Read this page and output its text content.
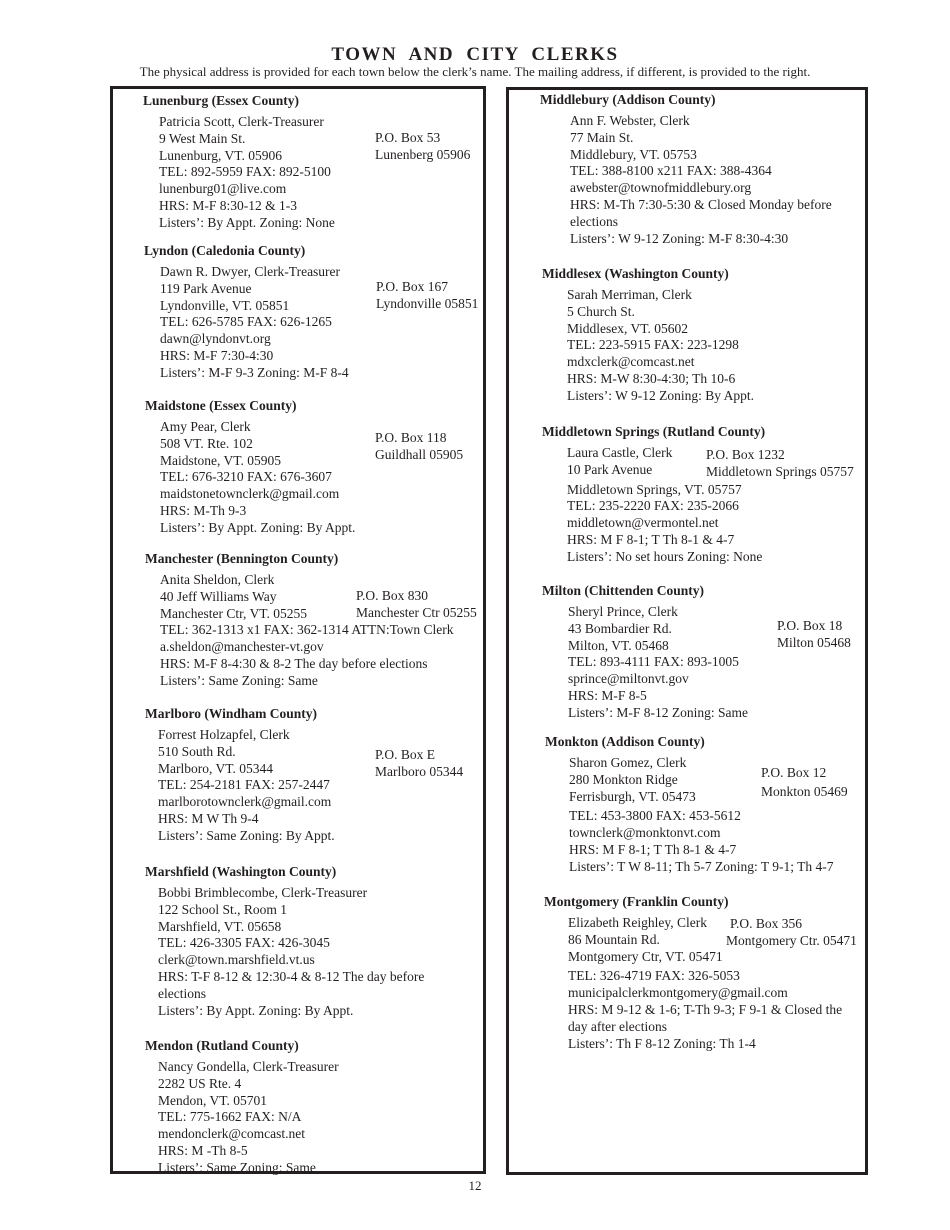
TOWN AND CITY CLERKS
The physical address is provided for each town below the clerk’s name. The mailing address, if different, is provided to the right.
Lunenburg (Essex County)
Patricia Scott, Clerk-Treasurer
9 West Main St.
Lunenburg, VT. 05906
TEL: 892-5959 FAX: 892-5100
lunenburg01@live.com
HRS: M-F 8:30-12 & 1-3
Listers’: By Appt. Zoning: None
P.O. Box 53
Lunenberg 05906
Lyndon (Caledonia County)
Dawn R. Dwyer, Clerk-Treasurer
119 Park Avenue
Lyndonville, VT. 05851
TEL: 626-5785 FAX: 626-1265
dawn@lyndonvt.org
HRS: M-F 7:30-4:30
Listers’: M-F 9-3 Zoning: M-F 8-4
P.O. Box 167
Lyndonville 05851
Maidstone (Essex County)
Amy Pear, Clerk
508 VT. Rte. 102
Maidstone, VT. 05905
TEL: 676-3210 FAX: 676-3607
maidstonetownclerk@gmail.com
HRS: M-Th 9-3
Listers’: By Appt. Zoning: By Appt.
P.O. Box 118
Guildhall 05905
Manchester (Bennington County)
Anita Sheldon, Clerk
40 Jeff Williams Way
Manchester Ctr, VT. 05255
TEL: 362-1313 x1 FAX: 362-1314 ATTN:Town Clerk
a.sheldon@manchester-vt.gov
HRS: M-F 8-4:30 & 8-2 The day before elections
Listers’: Same Zoning: Same
P.O. Box 830
Manchester Ctr 05255
Marlboro (Windham County)
Forrest Holzapfel, Clerk
510 South Rd.
Marlboro, VT. 05344
TEL: 254-2181 FAX: 257-2447
marlborotownclerk@gmail.com
HRS: M W Th 9-4
Listers’: Same Zoning: By Appt.
P.O. Box E
Marlboro 05344
Marshfield (Washington County)
Bobbi Brimblecombe, Clerk-Treasurer
122 School St., Room 1
Marshfield, VT. 05658
TEL: 426-3305 FAX: 426-3045
clerk@town.marshfield.vt.us
HRS: T-F 8-12 & 12:30-4 & 8-12 The day before
elections
Listers’: By Appt. Zoning: By Appt.
Mendon (Rutland County)
Nancy Gondella, Clerk-Treasurer
2282 US Rte. 4
Mendon, VT. 05701
TEL: 775-1662 FAX: N/A
mendonclerk@comcast.net
HRS: M -Th 8-5
Listers’: Same Zoning: Same
Middlebury (Addison County)
Ann F. Webster, Clerk
77 Main St.
Middlebury, VT. 05753
TEL: 388-8100 x211 FAX: 388-4364
awebster@townofmiddlebury.org
HRS: M-Th 7:30-5:30 & Closed Monday before
elections
Listers’: W 9-12 Zoning: M-F 8:30-4:30
Middlesex (Washington County)
Sarah Merriman, Clerk
5 Church St.
Middlesex, VT. 05602
TEL: 223-5915 FAX: 223-1298
mdxclerk@comcast.net
HRS: M-W 8:30-4:30; Th 10-6
Listers’: W 9-12 Zoning: By Appt.
Middletown Springs (Rutland County)
Laura Castle, Clerk
10 Park Avenue
Middletown Springs, VT. 05757
TEL: 235-2220 FAX: 235-2066
middletown@vermontel.net
HRS: M F 8-1; T Th 8-1 & 4-7
Listers’: No set hours Zoning: None
P.O. Box 1232
Middletown Springs 05757
Milton (Chittenden County)
Sheryl Prince, Clerk
43 Bombardier Rd.
Milton, VT. 05468
TEL: 893-4111 FAX: 893-1005
sprince@miltonvt.gov
HRS: M-F 8-5
Listers’: M-F 8-12 Zoning: Same
P.O. Box 18
Milton 05468
Monkton (Addison County)
Sharon Gomez, Clerk
280 Monkton Ridge
Ferrisburgh, VT. 05473
TEL: 453-3800 FAX: 453-5612
townclerk@monktonvt.com
HRS: M F 8-1; T Th 8-1 & 4-7
Listers’: T W 8-11; Th 5-7 Zoning: T 9-1; Th 4-7
P.O. Box 12
Monkton 05469
Montgomery (Franklin County)
Elizabeth Reighley, Clerk
86 Mountain Rd.
Montgomery Ctr, VT. 05471
TEL: 326-4719 FAX: 326-5053
municipalclerkmontgomery@gmail.com
HRS: M 9-12 & 1-6; T-Th 9-3; F 9-1 & Closed the
day after elections
Listers’: Th F 8-12 Zoning: Th 1-4
P.O. Box 356
Montgomery Ctr. 05471
12
